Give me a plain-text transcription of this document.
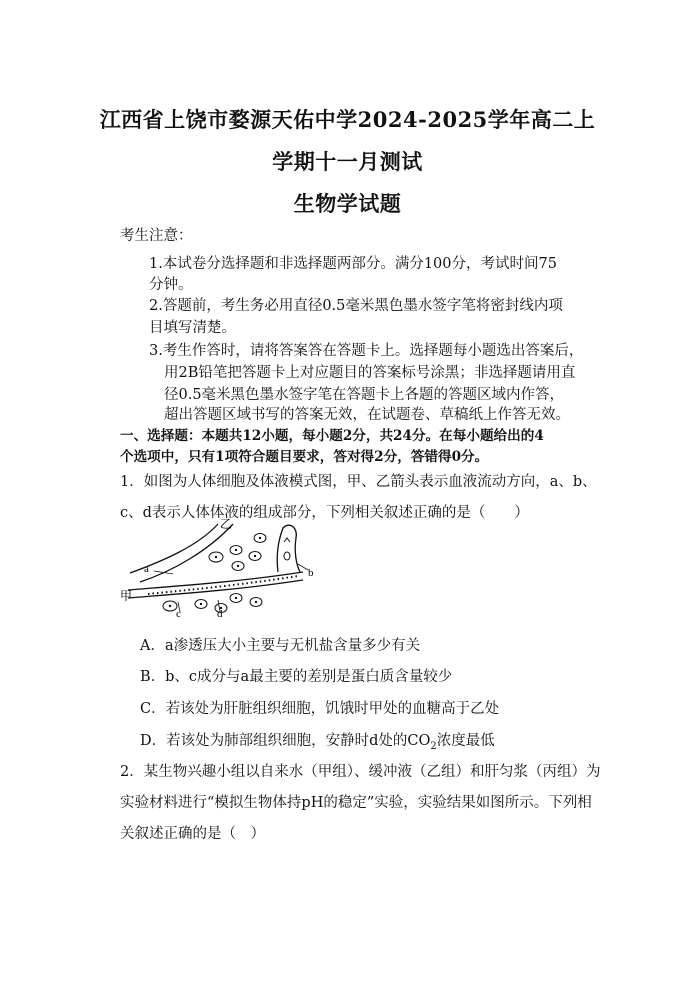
江西省上饶市婺源天佑中学2024-2025学年高二上
学期十一月测试
生物学试题
考生注意：
1.本试卷分选择题和非选择题两部分。满分100分，考试时间75
分钟。
2.答题前，考生务必用直径0.5毫米黑色墨水签字笔将密封线内项
目填写清楚。
3.考生作答时，请将答案答在答题卡上。选择题每小题选出答案后，
用2B铅笔把答题卡上对应题目的答案标号涂黑；非选择题请用直
径0.5毫米黑色墨水签字笔在答题卡上各题的答题区域内作答，
超出答题区域书写的答案无效，在试题卷、草稿纸上作答无效。
一、选择题：本题共12小题，每小题2分，共24分。在每小题给出的4
个选项中，只有1项符合题目要求，答对得2分，答错得0分。
1．如图为人体细胞及体液模式图，甲、乙箭头表示血液流动方向，a、b、
c、d表示人体体液的组成部分，下列相关叙述正确的是（　　）
乙
甲
a	b
c	d
A．a渗透压大小主要与无机盐含量多少有关
B．b、c成分与a最主要的差别是蛋白质含量较少
C．若该处为肝脏组织细胞，饥饿时甲处的血糖高于乙处
D．若该处为肺部组织细胞，安静时d处的$CO_2$浓度最低
2．某生物兴趣小组以自来水（甲组）、缓冲液（乙组）和肝匀浆（丙组）为
实验材料进行“模拟生物体持pH的稳定”实验，实验结果如图所示。下列相
关叙述正确的是（　）
